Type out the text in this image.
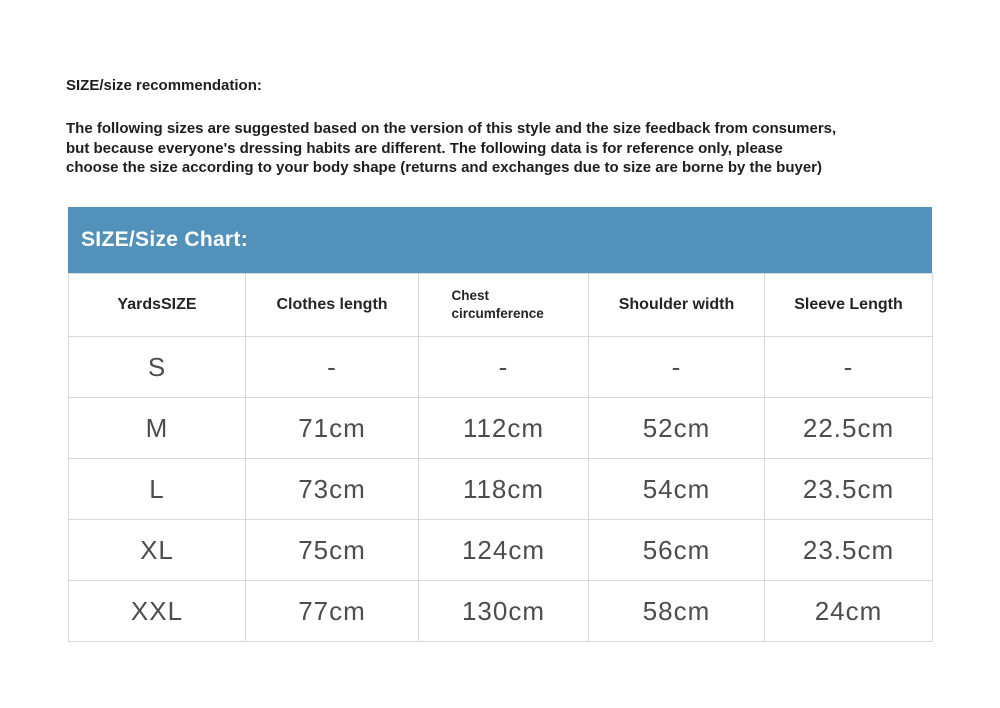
SIZE/size recommendation:
The following sizes are suggested based on the version of this style and the size feedback from consumers,
but because everyone's dressing habits are different. The following data is for reference only, please
choose the size according to your body shape (returns and exchanges due to size are borne by the buyer)
SIZE/Size Chart:
YardsSIZE	Clothes length	Chest circumference	Shoulder width	Sleeve Length
S	-	-	-	-
M	71cm	112cm	52cm	22.5cm
L	73cm	118cm	54cm	23.5cm
XL	75cm	124cm	56cm	23.5cm
XXL	77cm	130cm	58cm	24cm
